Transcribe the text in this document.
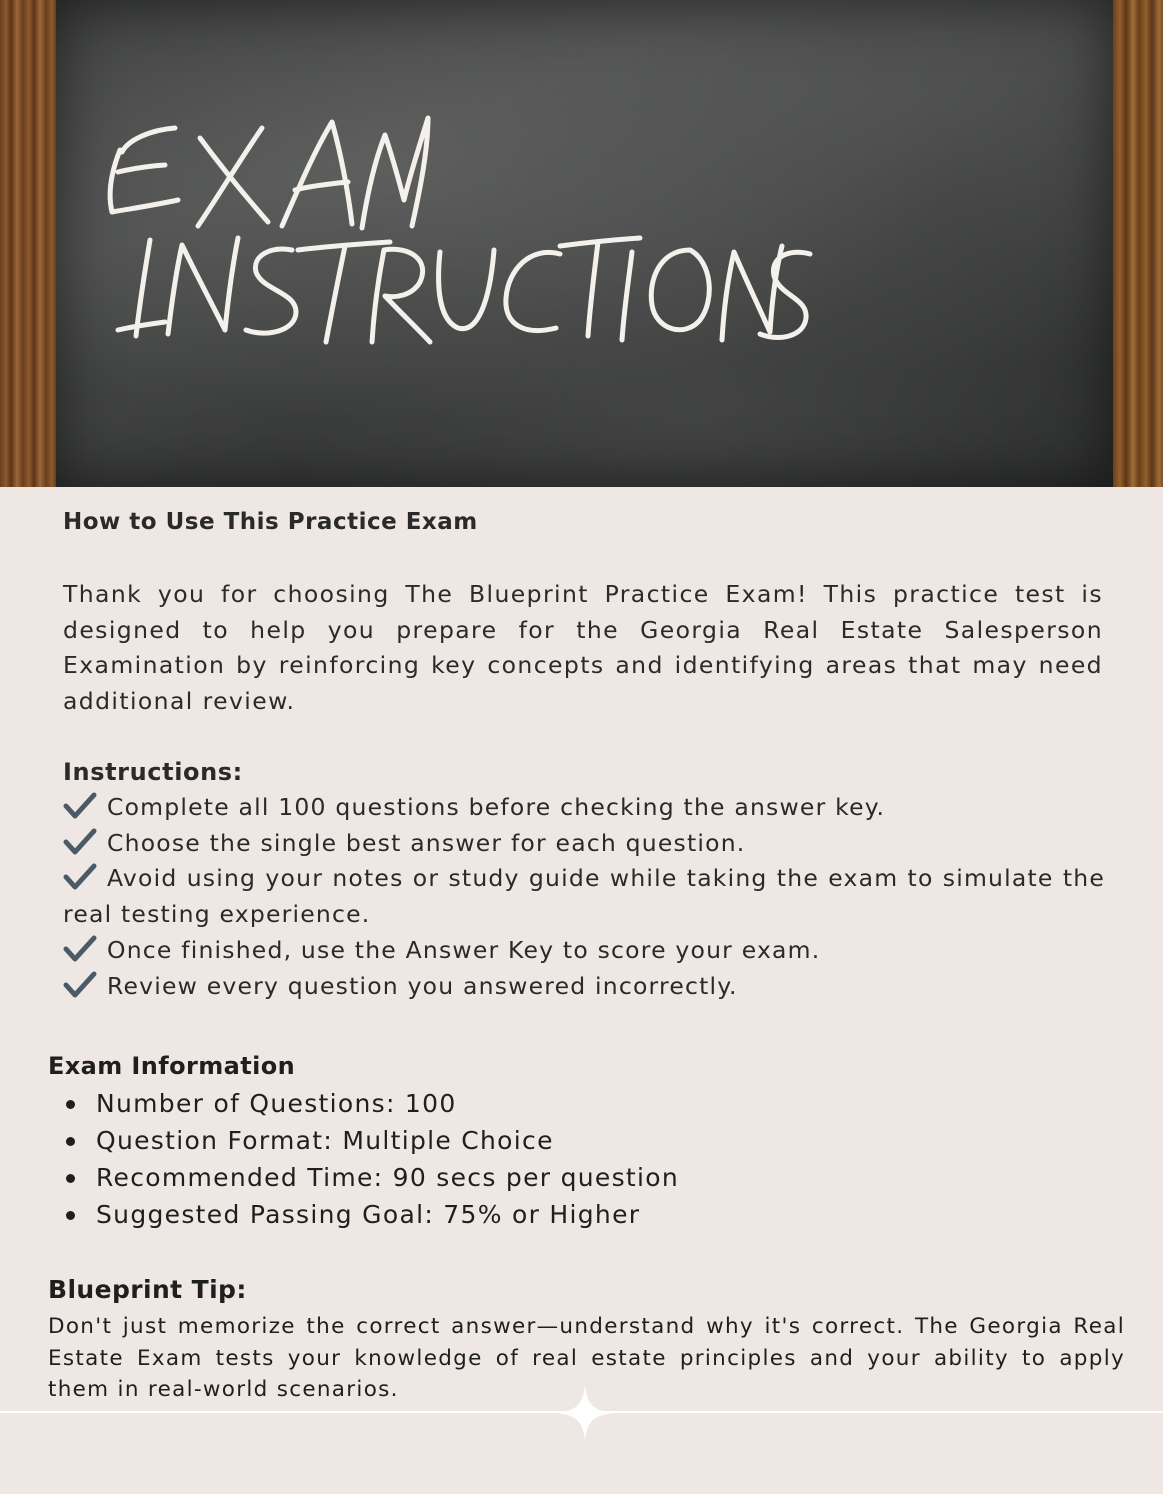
How to Use This Practice Exam
Thank you for choosing The Blueprint Practice Exam! This practice test is designed to help you prepare for the Georgia Real Estate Salesperson Examination by reinforcing key concepts and identifying areas that may need additional review.
Instructions:
Complete all 100 questions before checking the answer key.
Choose the single best answer for each question.
Avoid using your notes or study guide while taking the exam to simulate the real testing experience.
Once finished, use the Answer Key to score your exam.
Review every question you answered incorrectly.
Exam Information
Number of Questions: 100
Question Format: Multiple Choice
Recommended Time: 90 secs per question
Suggested Passing Goal: 75% or Higher
Blueprint Tip:
Don't just memorize the correct answer—understand why it's correct. The Georgia Real Estate Exam tests your knowledge of real estate principles and your ability to apply them in real-world scenarios.
